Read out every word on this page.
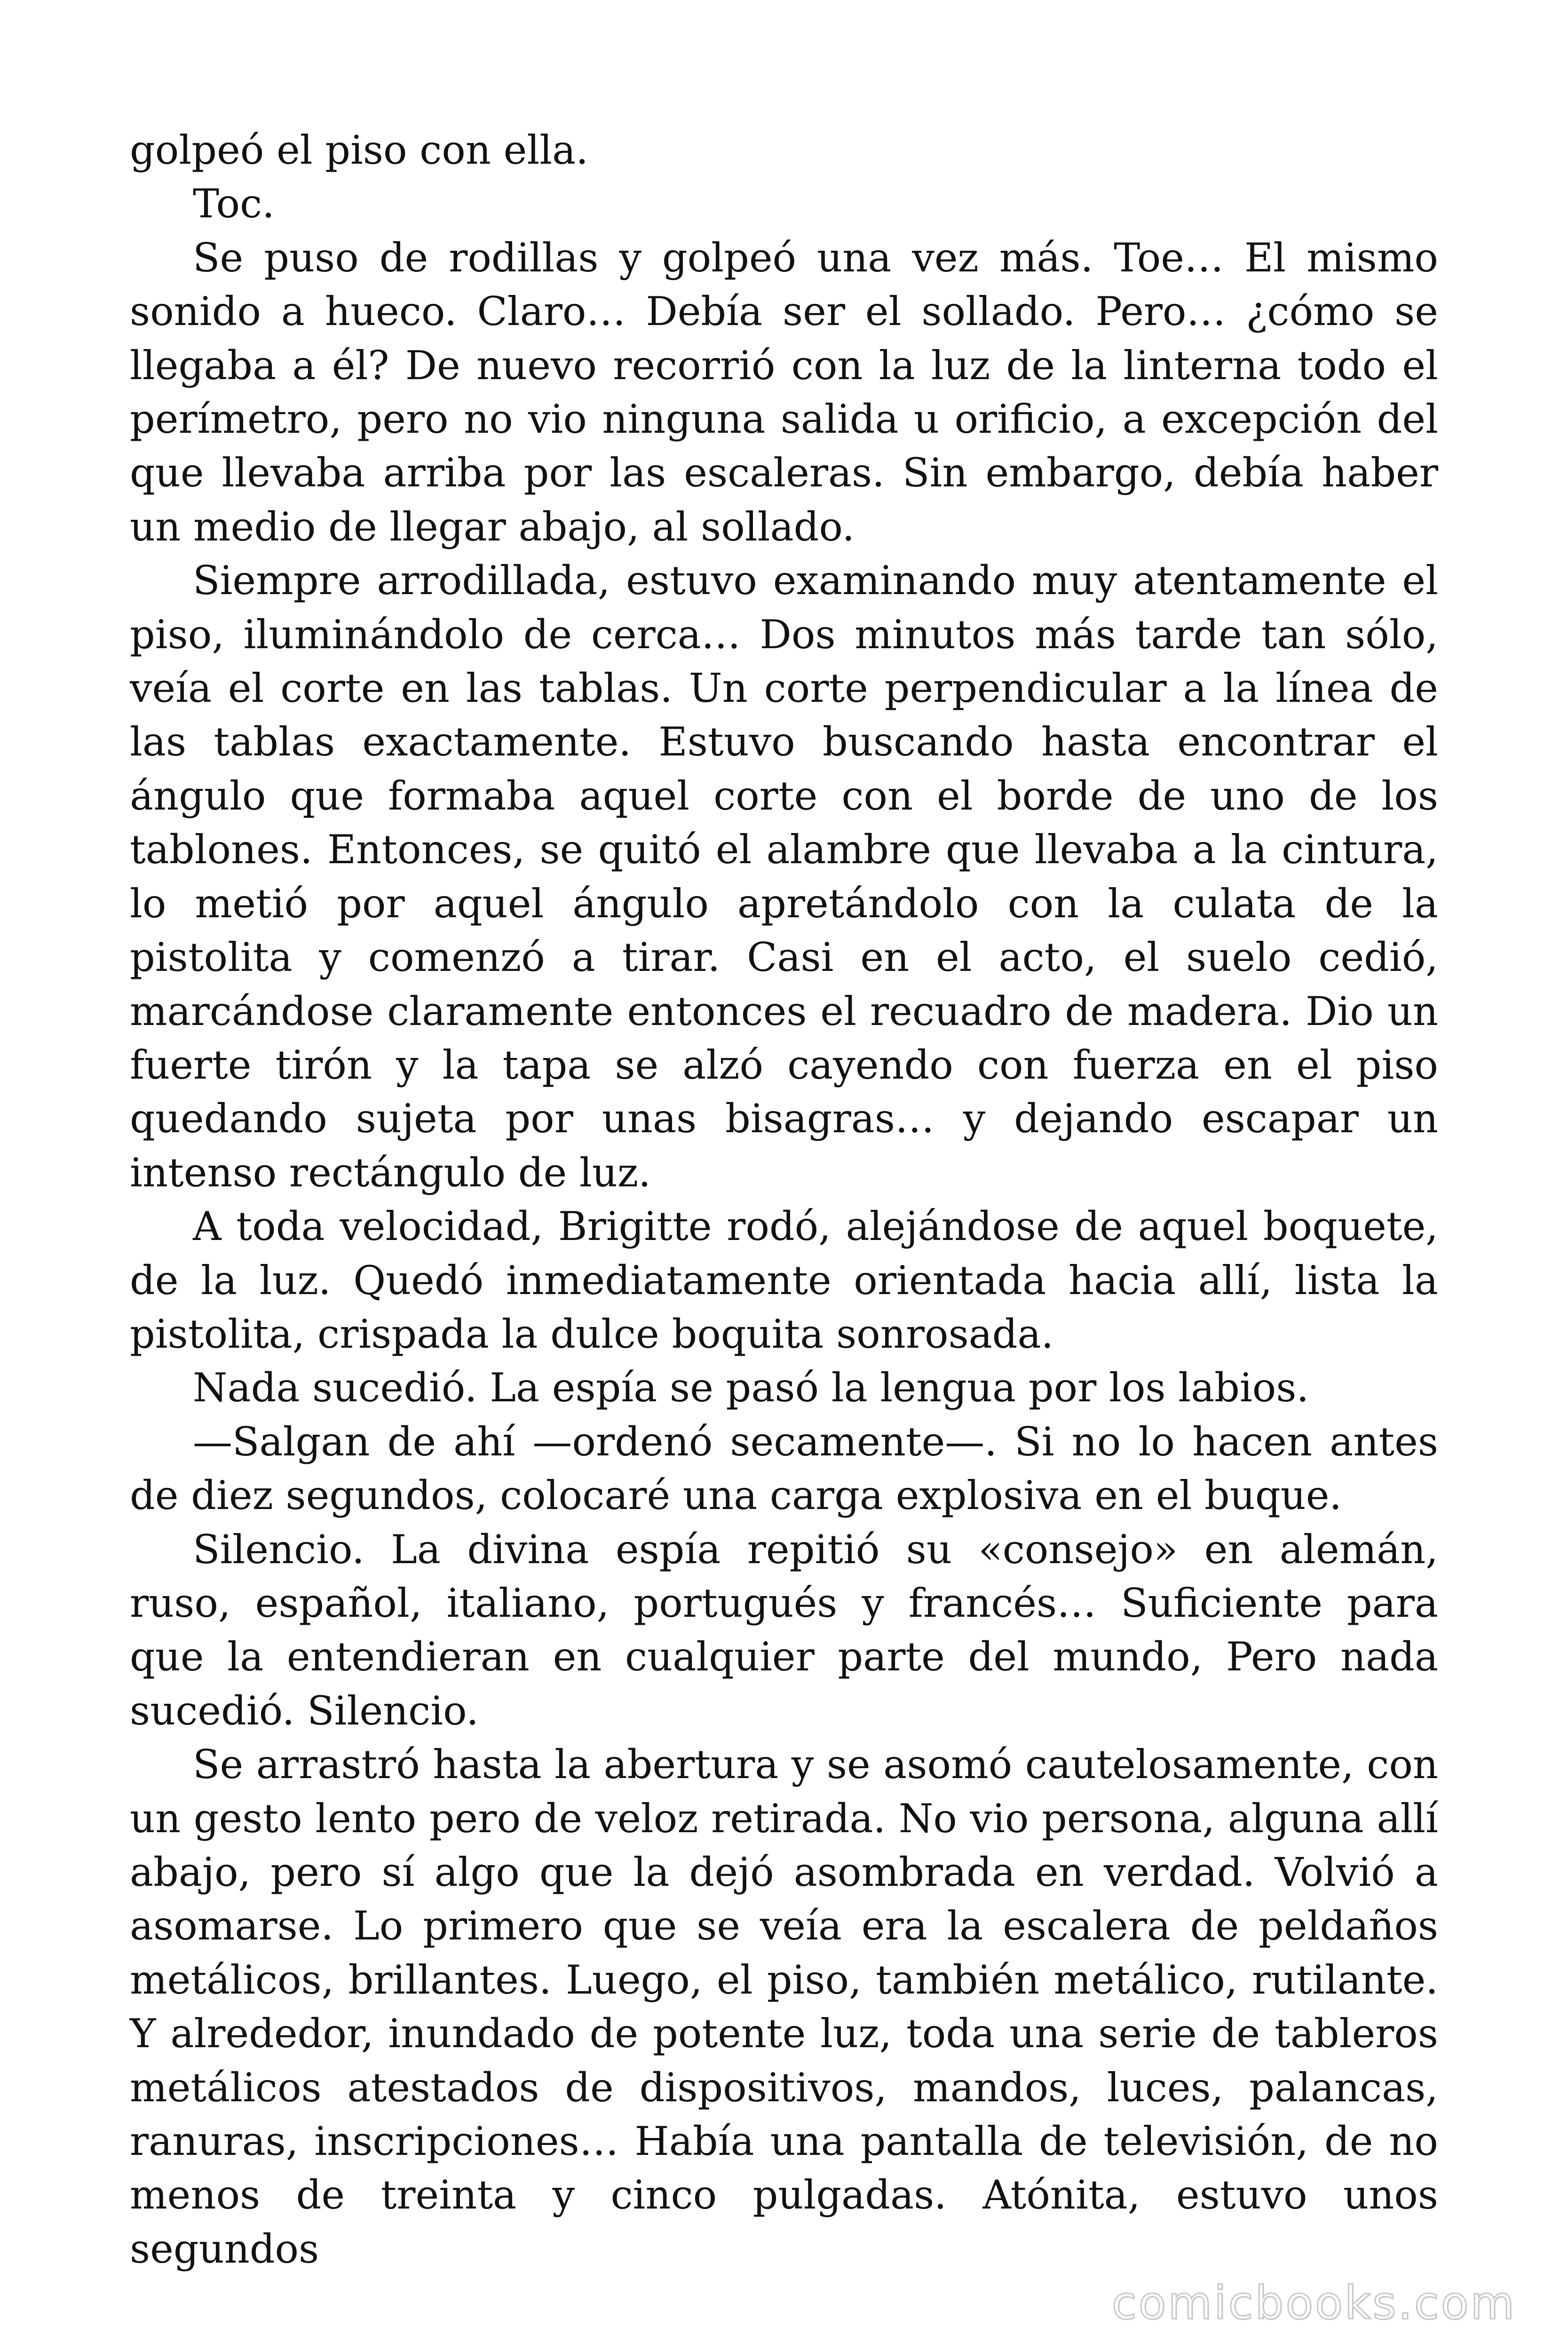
golpeó el piso con ella.

Toc.

Se puso de rodillas y golpeó una vez más. Toe… El mismo sonido a hueco. Claro… Debía ser el sollado. Pero… ¿cómo se llegaba a él? De nuevo recorrió con la luz de la linterna todo el perímetro, pero no vio ninguna salida u orificio, a excepción del que llevaba arriba por las escaleras. Sin embargo, debía haber un medio de llegar abajo, al sollado.

Siempre arrodillada, estuvo examinando muy atentamente el piso, iluminándolo de cerca… Dos minutos más tarde tan sólo, veía el corte en las tablas. Un corte perpendicular a la línea de las tablas exactamente. Estuvo buscando hasta encontrar el ángulo que formaba aquel corte con el borde de uno de los tablones. Entonces, se quitó el alambre que llevaba a la cintura, lo metió por aquel ángulo apretándolo con la culata de la pistolita y comenzó a tirar. Casi en el acto, el suelo cedió, marcándose claramente entonces el recuadro de madera. Dio un fuerte tirón y la tapa se alzó cayendo con fuerza en el piso quedando sujeta por unas bisagras… y dejando escapar un intenso rectángulo de luz.

A toda velocidad, Brigitte rodó, alejándose de aquel boquete, de la luz. Quedó inmediatamente orientada hacia allí, lista la pistolita, crispada la dulce boquita sonrosada.

Nada sucedió. La espía se pasó la lengua por los labios.

—Salgan de ahí —ordenó secamente—. Si no lo hacen antes de diez segundos, colocaré una carga explosiva en el buque.

Silencio. La divina espía repitió su «consejo» en alemán, ruso, español, italiano, portugués y francés… Suficiente para que la entendieran en cualquier parte del mundo, Pero nada sucedió. Silencio.

Se arrastró hasta la abertura y se asomó cautelosamente, con un gesto lento pero de veloz retirada. No vio persona, alguna allí abajo, pero sí algo que la dejó asombrada en verdad. Volvió a asomarse. Lo primero que se veía era la escalera de peldaños metálicos, brillantes. Luego, el piso, también metálico, rutilante. Y alrededor, inundado de potente luz, toda una serie de tableros metálicos atestados de dispositivos, mandos, luces, palancas, ranuras, inscripciones… Había una pantalla de televisión, de no menos de treinta y cinco pulgadas. Atónita, estuvo unos segundos

comicbooks.com
